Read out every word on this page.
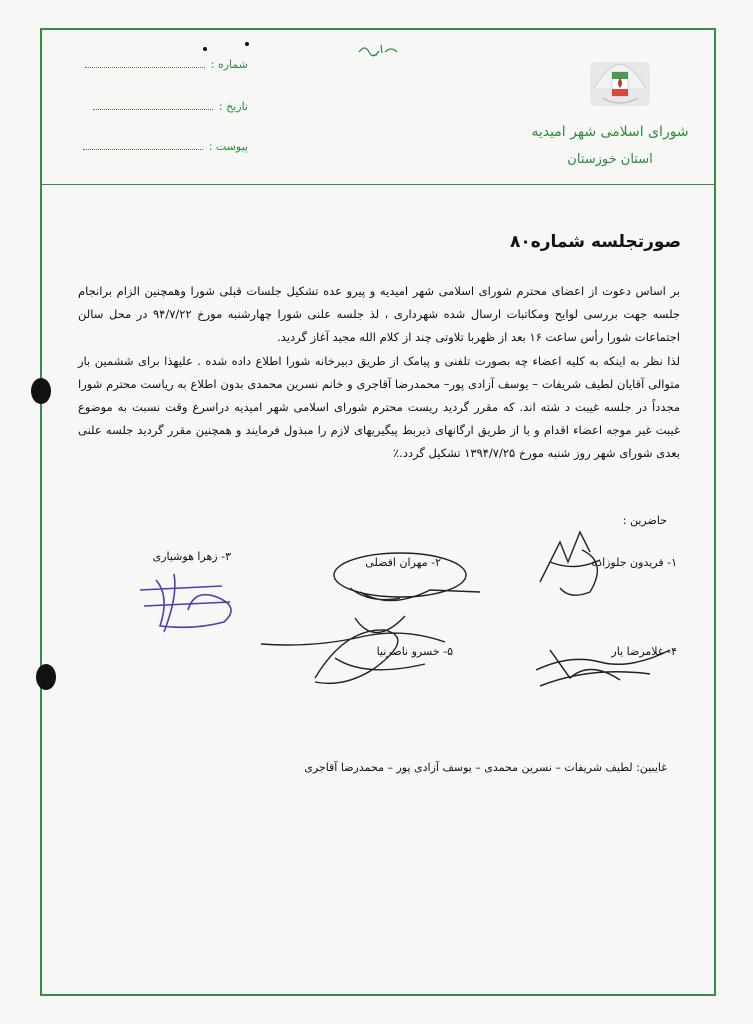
شورای اسلامی شهر امیدیه
استان خوزستان
شماره :
تاریخ :
پیوست :
صورتجلسه شماره۸۰

بر اساس دعوت از اعضای محترم شورای اسلامی شهر امیدیه و پیرو عده تشکیل جلسات قبلی شورا وهمچنین الزام برانجام جلسه جهت بررسی لوایح ومکاتبات ارسال شده شهرداری ، لذ جلسه علنی شورا چهارشنبه مورخ ۹۴/۷/۲۲ در محل سالن اجتماعات شورا رأس ساعت ۱۶ بعد از ظهربا تلاوتی چند از کلام الله مجید آغاز گردید.

لذا نظر به اینکه به کلیه اعضاء چه بصورت تلفنی و پیامک از طریق دبیرخانه شورا اطلاع داده شده . علیهذا برای ششمین بار متوالی آقایان لطیف شریفات – یوسف آزادی پور– محمدرضا آقاجری و خانم نسرین محمدی بدون اطلاع به ریاست محترم شورا مجدداً در جلسه غیبت د شته اند. که مقرر گردید ریست محترم شورای اسلامی شهر امیدیه دراسرع وقت نسبت به موضوع غیبت غیر موجه اعضاء اقدام و با از طریق ارگانهای ذیربط پیگیریهای لازم را مبذول فرمایند و همچنین مقرر گردید جلسه علنی بعدی شورای شهر روز شنبه مورخ ۱۳۹۴/۷/۲۵ تشکیل گردد.٪

حاضرین :
۱- فریدون جلوزاده
۲- مهران افضلی
۳- زهرا هوشیاری
۴- غلامرضا یار
۵- خسرو ناصرنیا
غایبین: لطیف شریفات – نسرین محمدی – یوسف آزادی پور – محمدرضا آقاجری
